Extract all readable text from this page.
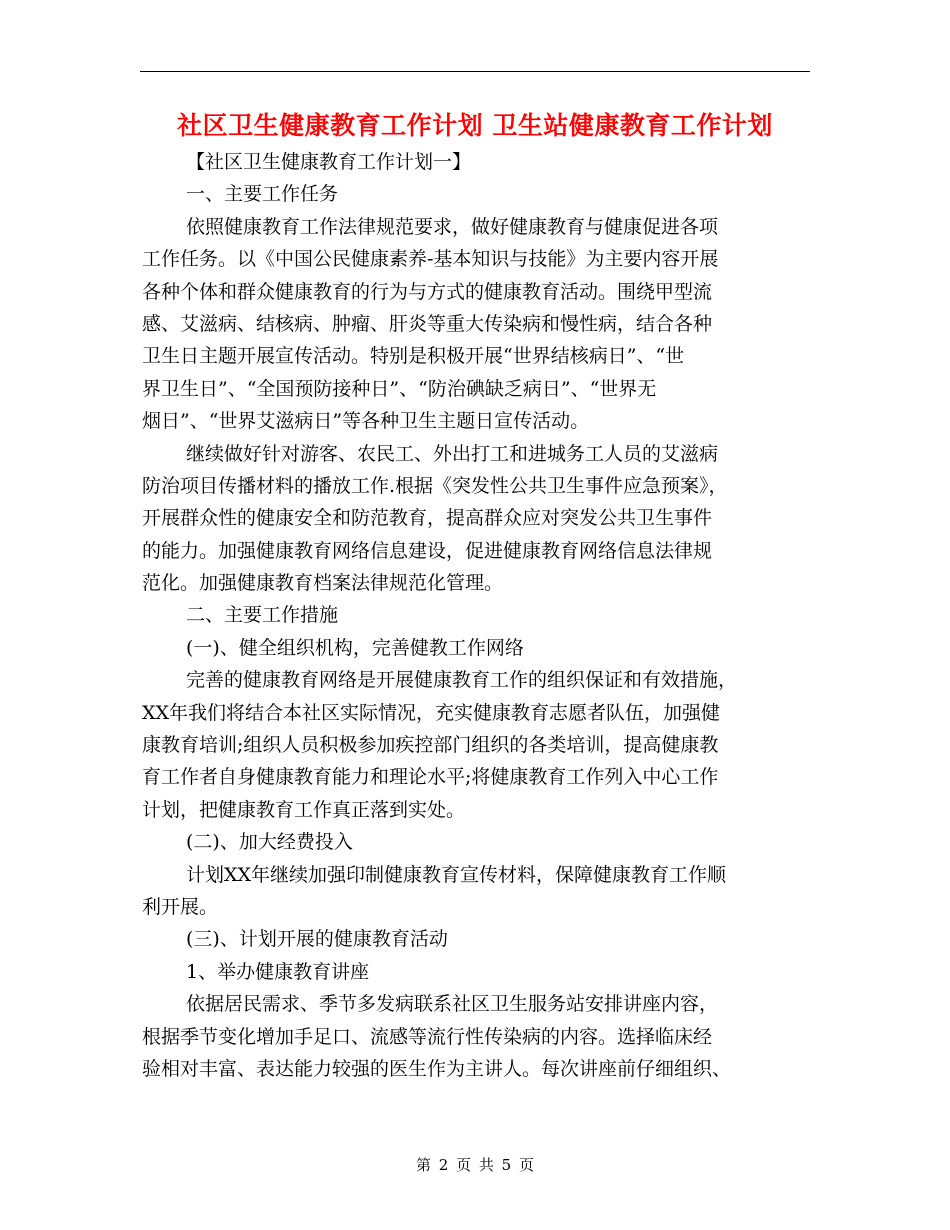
社区卫生健康教育工作计划 卫生站健康教育工作计划
【社区卫生健康教育工作计划一】
一、主要工作任务
依照健康教育工作法律规范要求，做好健康教育与健康促进各项
工作任务。以《中国公民健康素养-基本知识与技能》为主要内容开展
各种个体和群众健康教育的行为与方式的健康教育活动。围绕甲型流
感、艾滋病、结核病、肿瘤、肝炎等重大传染病和慢性病，结合各种
卫生日主题开展宣传活动。特别是积极开展“世界结核病日”、“世
界卫生日”、“全国预防接种日”、“防治碘缺乏病日”、“世界无
烟日”、“世界艾滋病日”等各种卫生主题日宣传活动。
继续做好针对游客、农民工、外出打工和进城务工人员的艾滋病
防治项目传播材料的播放工作.根据《突发性公共卫生事件应急预案》，
开展群众性的健康安全和防范教育，提高群众应对突发公共卫生事件
的能力。加强健康教育网络信息建设，促进健康教育网络信息法律规
范化。加强健康教育档案法律规范化管理。
二、主要工作措施
(一)、健全组织机构，完善健教工作网络
完善的健康教育网络是开展健康教育工作的组织保证和有效措施，
XX年我们将结合本社区实际情况，充实健康教育志愿者队伍，加强健
康教育培训;组织人员积极参加疾控部门组织的各类培训，提高健康教
育工作者自身健康教育能力和理论水平;将健康教育工作列入中心工作
计划，把健康教育工作真正落到实处。
(二)、加大经费投入
计划XX年继续加强印制健康教育宣传材料，保障健康教育工作顺
利开展。
(三)、计划开展的健康教育活动
1、举办健康教育讲座
依据居民需求、季节多发病联系社区卫生服务站安排讲座内容，
根据季节变化增加手足口、流感等流行性传染病的内容。选择临床经
验相对丰富、表达能力较强的医生作为主讲人。每次讲座前仔细组织、
第 2 页 共 5 页
